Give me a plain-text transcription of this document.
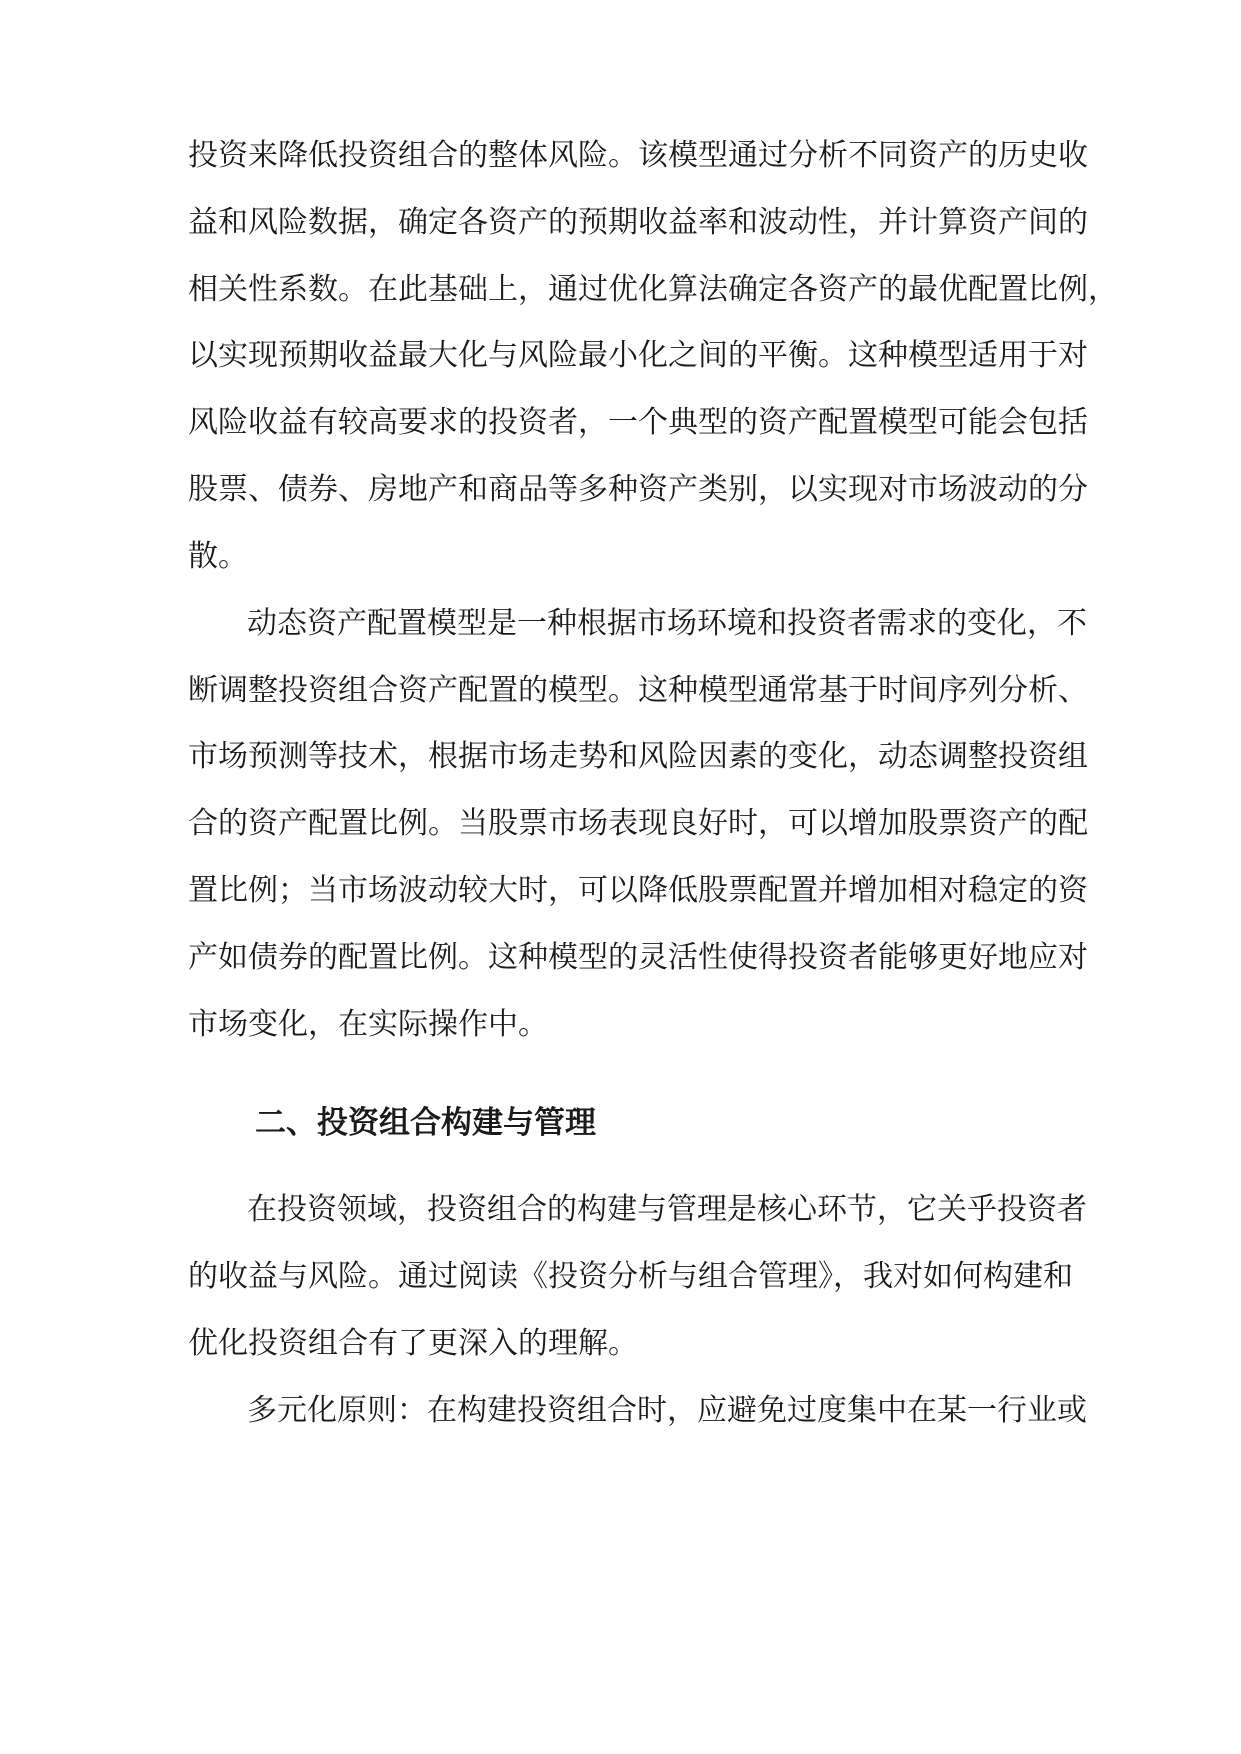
投资来降低投资组合的整体风险。该模型通过分析不同资产的历史收
益和风险数据，确定各资产的预期收益率和波动性，并计算资产间的
相关性系数。在此基础上，通过优化算法确定各资产的最优配置比例，
以实现预期收益最大化与风险最小化之间的平衡。这种模型适用于对
风险收益有较高要求的投资者，一个典型的资产配置模型可能会包括
股票、债券、房地产和商品等多种资产类别，以实现对市场波动的分
散。
动态资产配置模型是一种根据市场环境和投资者需求的变化，不
断调整投资组合资产配置的模型。这种模型通常基于时间序列分析、
市场预测等技术，根据市场走势和风险因素的变化，动态调整投资组
合的资产配置比例。当股票市场表现良好时，可以增加股票资产的配
置比例；当市场波动较大时，可以降低股票配置并增加相对稳定的资
产如债券的配置比例。这种模型的灵活性使得投资者能够更好地应对
市场变化，在实际操作中。
二、投资组合构建与管理
在投资领域，投资组合的构建与管理是核心环节，它关乎投资者
的收益与风险。通过阅读《投资分析与组合管理》，我对如何构建和
优化投资组合有了更深入的理解。
多元化原则：在构建投资组合时，应避免过度集中在某一行业或
